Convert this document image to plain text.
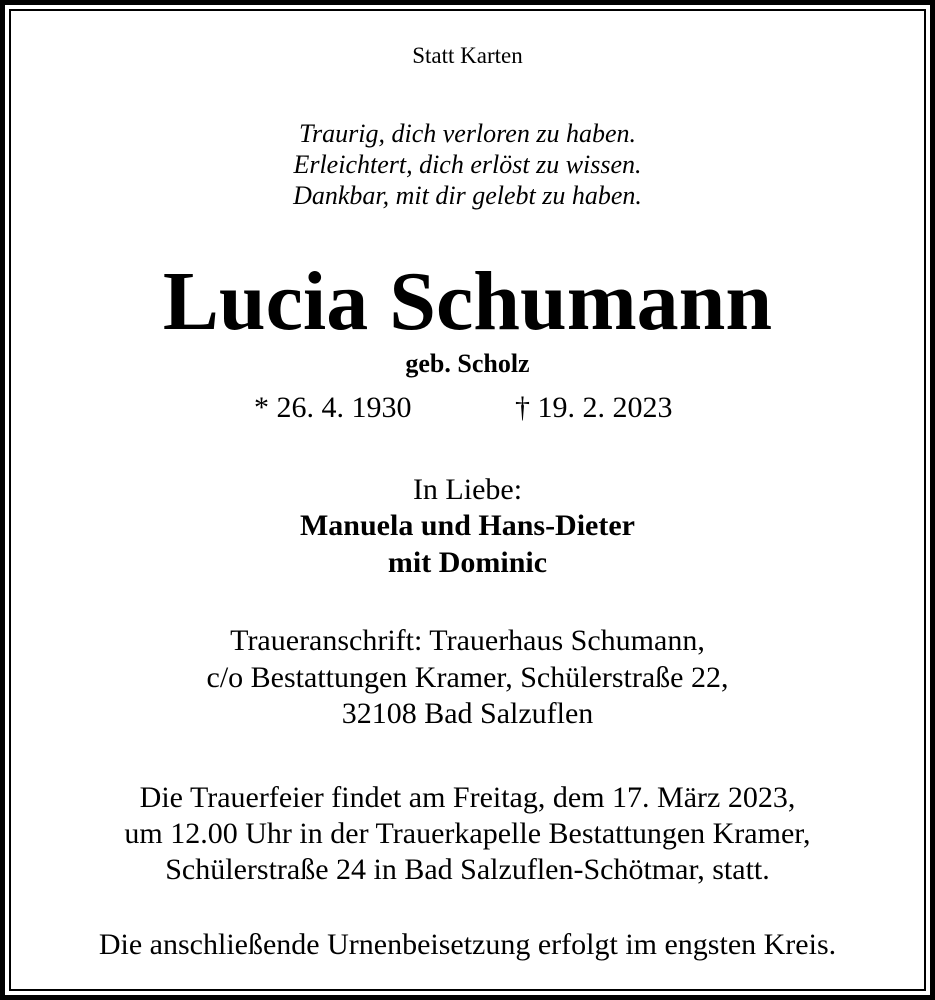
Statt Karten
Traurig, dich verloren zu haben.
Erleichtert, dich erlöst zu wissen.
Dankbar, mit dir gelebt zu haben.
Lucia Schumann
geb. Scholz
* 26. 4. 1930	† 19. 2. 2023
In Liebe:
Manuela und Hans-Dieter
mit Dominic
Traueranschrift: Trauerhaus Schumann,
c/o Bestattungen Kramer, Schülerstraße 22,
32108 Bad Salzuflen
Die Trauerfeier findet am Freitag, dem 17. März 2023,
um 12.00 Uhr in der Trauerkapelle Bestattungen Kramer,
Schülerstraße 24 in Bad Salzuflen-Schötmar, statt.
Die anschließende Urnenbeisetzung erfolgt im engsten Kreis.
